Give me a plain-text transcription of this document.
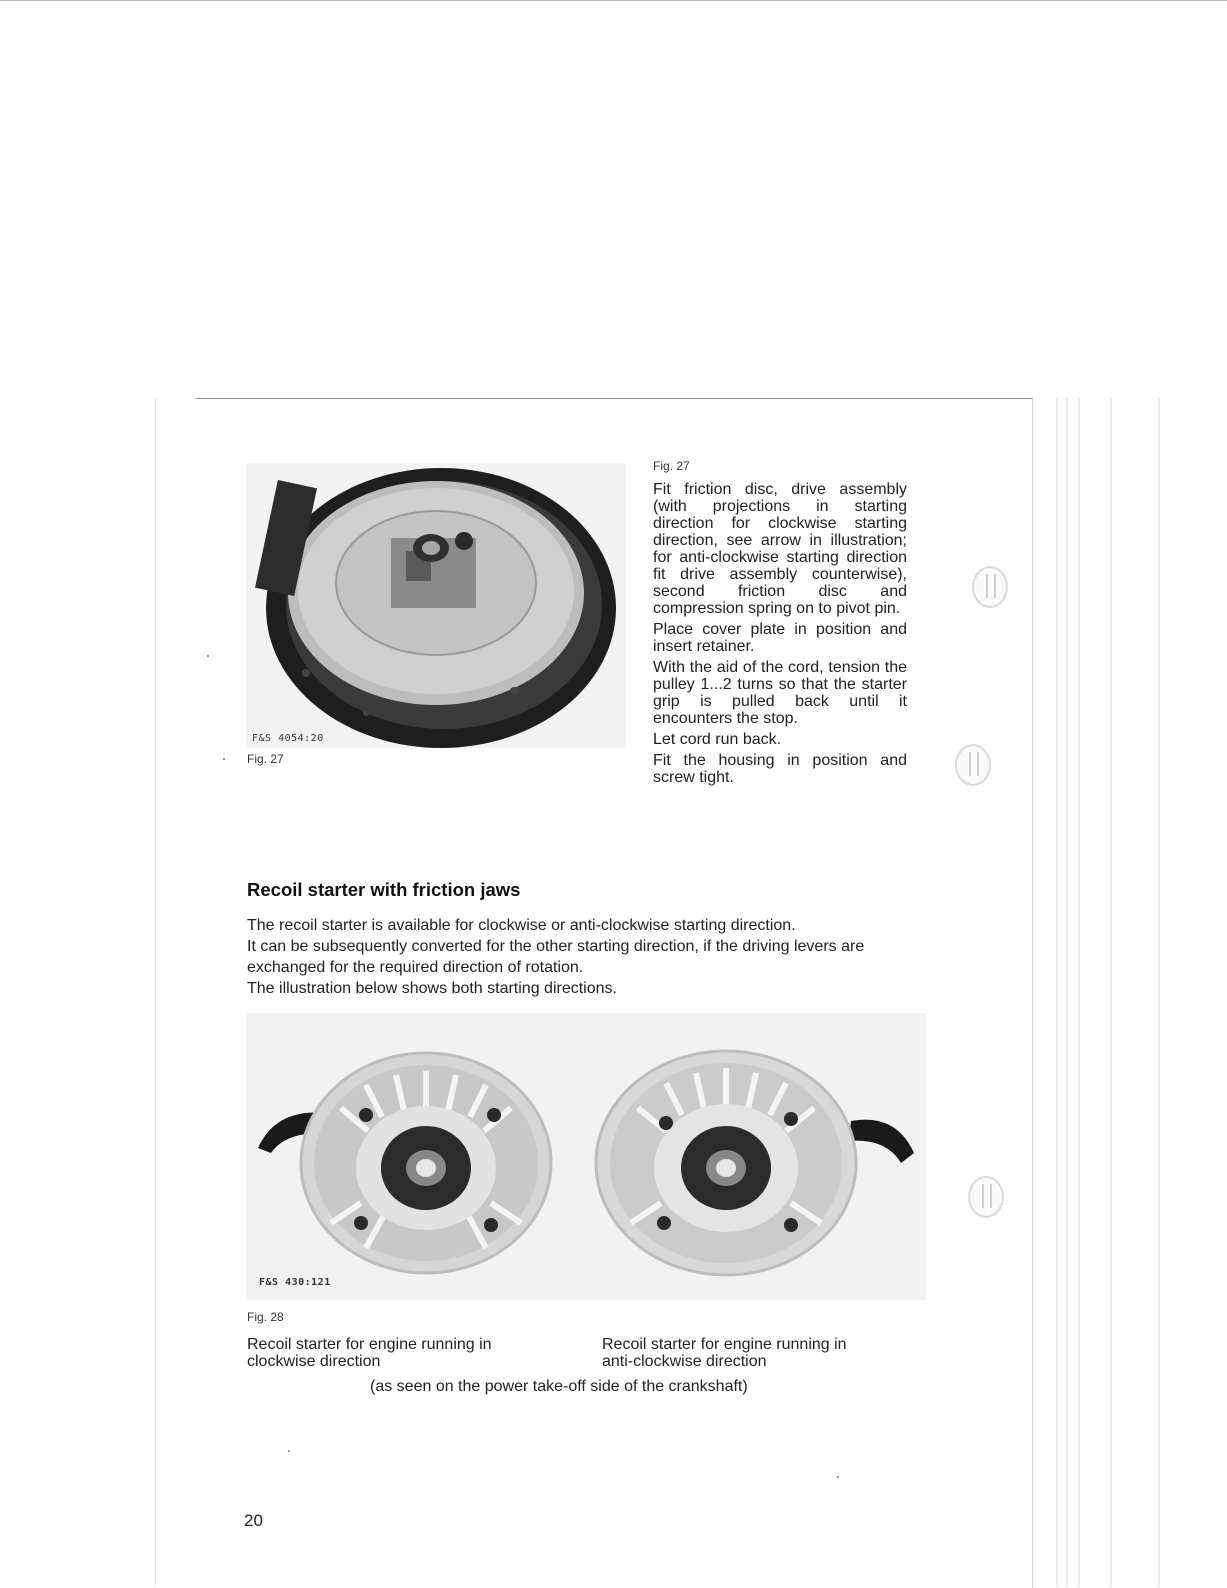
F&S 4054:20
Fig. 27
Fig. 27

Fit friction disc, drive assembly (with projections in starting direction for clockwise starting direction, see arrow in illustration; for anti-clockwise starting direction fit drive assembly counterwise), second friction disc and compression spring on to pivot pin.

Place cover plate in position and insert retainer.

With the aid of the cord, tension the pulley 1...2 turns so that the starter grip is pulled back until it encounters the stop.

Let cord run back.

Fit the housing in position and screw tight.

Recoil starter with friction jaws

The recoil starter is available for clockwise or anti-clockwise starting direction.

It can be subsequently converted for the other starting direction, if the driving levers are exchanged for the required direction of rotation.

The illustration below shows both starting directions.

F&S 430:121
Fig. 28

Recoil starter for engine running in clockwise direction

Recoil starter for engine running in anti-clockwise direction

(as seen on the power take-off side of the crankshaft)
20
